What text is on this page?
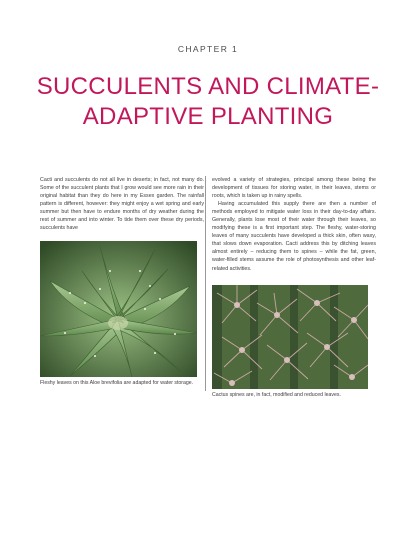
CHAPTER 1
SUCCULENTS AND CLIMATE-
ADAPTIVE PLANTING

Cacti and succulents do not all live in deserts; in fact, not many do. Some of the succulent plants that I grow would see more rain in their original habitat than they do here in my Essex garden. The rainfall pattern is different, however: they might enjoy a wet spring and early summer but then have to endure months of dry weather during the rest of summer and into winter. To tide them over these dry periods, succulents have

evolved a variety of strategies, principal among these being the development of tissues for storing water, in their leaves, stems or roots, which is taken up in rainy spells.

Having accumulated this supply there are then a number of methods employed to mitigate water loss in their day-to-day affairs. Generally, plants lose most of their water through their leaves, so modifying these is a first important step. The fleshy, water-storing leaves of many succulents have developed a thick skin, often waxy, that slows down evaporation. Cacti address this by ditching leaves almost entirely – reducing them to spines – while the fat, green, water-filled stems assume the role of photosynthesis and other leaf-related activities.

Fleshy leaves on this Aloe brevifolia are adapted for water storage.

Cactus spines are, in fact, modified and reduced leaves.
